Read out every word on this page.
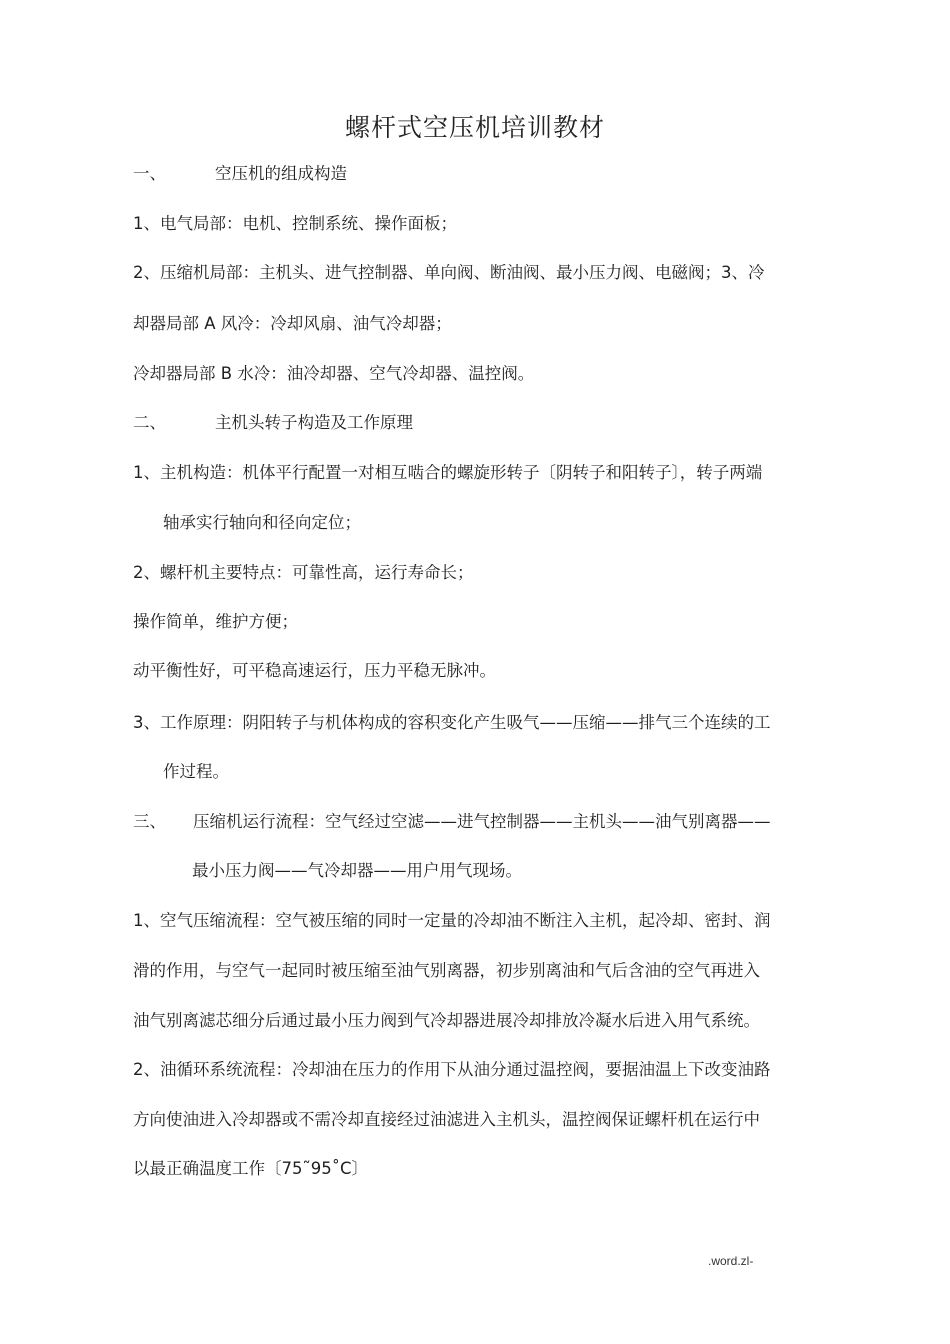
螺杆式空压机培训教材
一、	空压机的组成构造
1、电气局部：电机、控制系统、操作面板；
2、压缩机局部：主机头、进气控制器、单向阀、断油阀、最小压力阀、电磁阀；3、冷
却器局部 A 风冷：冷却风扇、油气冷却器；
冷却器局部 B 水冷：油冷却器、空气冷却器、温控阀。
二、	主机头转子构造及工作原理
1、主机构造：机体平行配置一对相互啮合的螺旋形转子〔阴转子和阳转子〕，转子两端
轴承实行轴向和径向定位；
2、螺杆机主要特点：可靠性高，运行寿命长；
操作简单，维护方便；
动平衡性好，可平稳高速运行，压力平稳无脉冲。
3、工作原理：阴阳转子与机体构成的容积变化产生吸气——压缩——排气三个连续的工
作过程。
三、 压缩机运行流程：空气经过空滤——进气控制器——主机头——油气别离器——
最小压力阀——气冷却器——用户用气现场。
1、空气压缩流程：空气被压缩的同时一定量的冷却油不断注入主机，起冷却、密封、润
滑的作用，与空气一起同时被压缩至油气别离器，初步别离油和气后含油的空气再进入
油气别离滤芯细分后通过最小压力阀到气冷却器进展冷却排放冷凝水后进入用气系统。
2、油循环系统流程：冷却油在压力的作用下从油分通过温控阀，要据油温上下改变油路
方向使油进入冷却器或不需冷却直接经过油滤进入主机头，温控阀保证螺杆机在运行中
以最正确温度工作〔75˜95˚C〕
.word.zl-
